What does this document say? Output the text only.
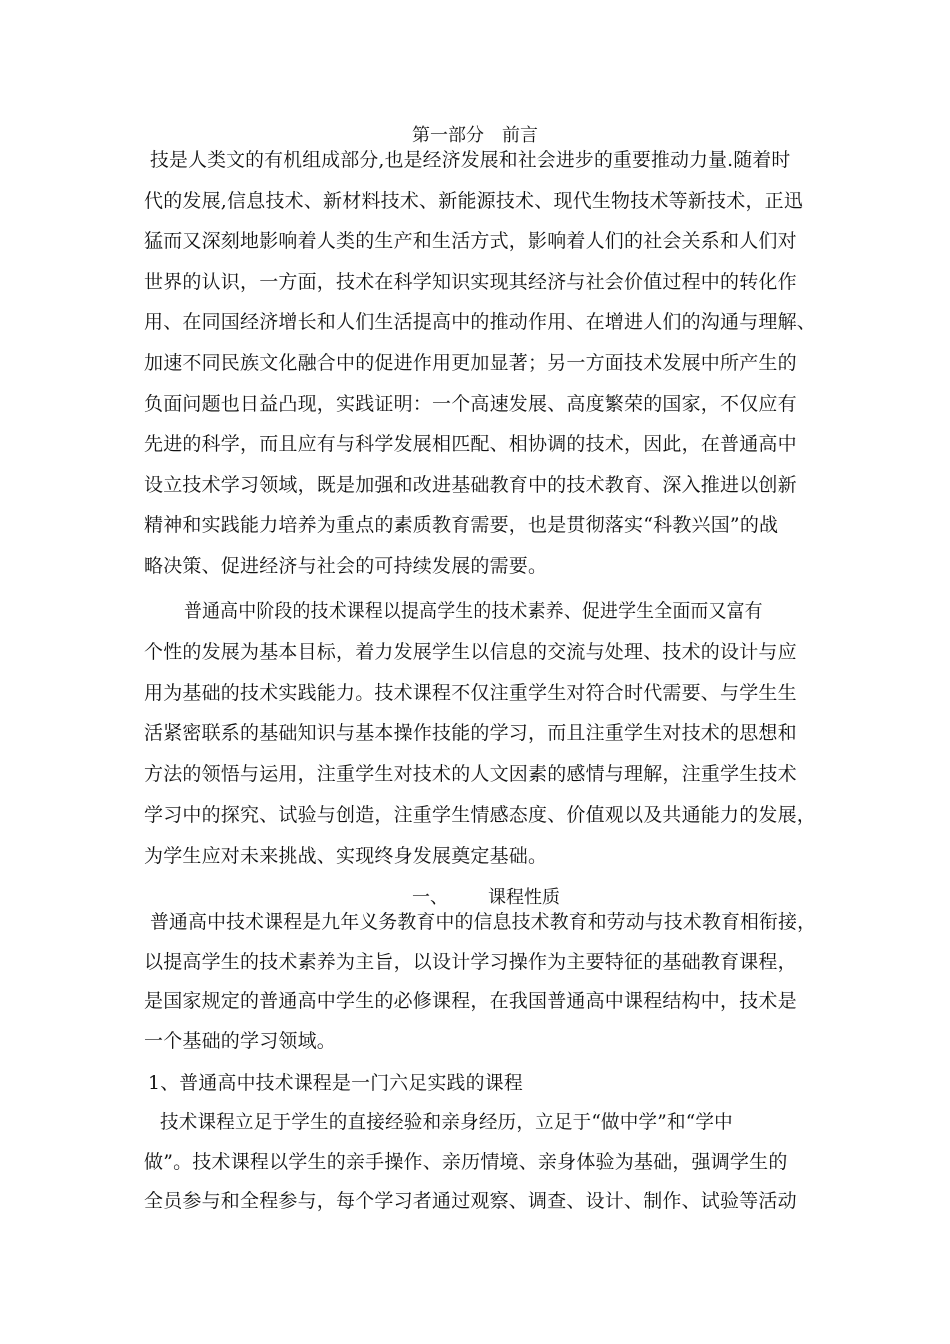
第一部分　前言
技是人类文的有机组成部分,也是经济发展和社会进步的重要推动力量.随着时
代的发展,信息技术、新材料技术、新能源技术、现代生物技术等新技术，正迅
猛而又深刻地影响着人类的生产和生活方式，影响着人们的社会关系和人们对
世界的认识，一方面，技术在科学知识实现其经济与社会价值过程中的转化作
用、在同国经济增长和人们生活提高中的推动作用、在增进人们的沟通与理解、
加速不同民族文化融合中的促进作用更加显著；另一方面技术发展中所产生的
负面问题也日益凸现，实践证明：一个高速发展、高度繁荣的国家，不仅应有
先进的科学，而且应有与科学发展相匹配、相协调的技术，因此，在普通高中
设立技术学习领域，既是加强和改进基础教育中的技术教育、深入推进以创新
精神和实践能力培养为重点的素质教育需要，也是贯彻落实“科教兴国”的战
略决策、促进经济与社会的可持续发展的需要。
普通高中阶段的技术课程以提高学生的技术素养、促进学生全面而又富有
个性的发展为基本目标，着力发展学生以信息的交流与处理、技术的设计与应
用为基础的技术实践能力。技术课程不仅注重学生对符合时代需要、与学生生
活紧密联系的基础知识与基本操作技能的学习，而且注重学生对技术的思想和
方法的领悟与运用，注重学生对技术的人文因素的感情与理解，注重学生技术
学习中的探究、试验与创造，注重学生情感态度、价值观以及共通能力的发展，
为学生应对未来挑战、实现终身发展奠定基础。
一、 课程性质
普通高中技术课程是九年义务教育中的信息技术教育和劳动与技术教育相衔接，
以提高学生的技术素养为主旨，以设计学习操作为主要特征的基础教育课程，
是国家规定的普通高中学生的必修课程，在我国普通高中课程结构中，技术是
一个基础的学习领域。
1、普通高中技术课程是一门六足实践的课程
技术课程立足于学生的直接经验和亲身经历，立足于“做中学”和“学中
做”。技术课程以学生的亲手操作、亲历情境、亲身体验为基础，强调学生的
全员参与和全程参与，每个学习者通过观察、调查、设计、制作、试验等活动
